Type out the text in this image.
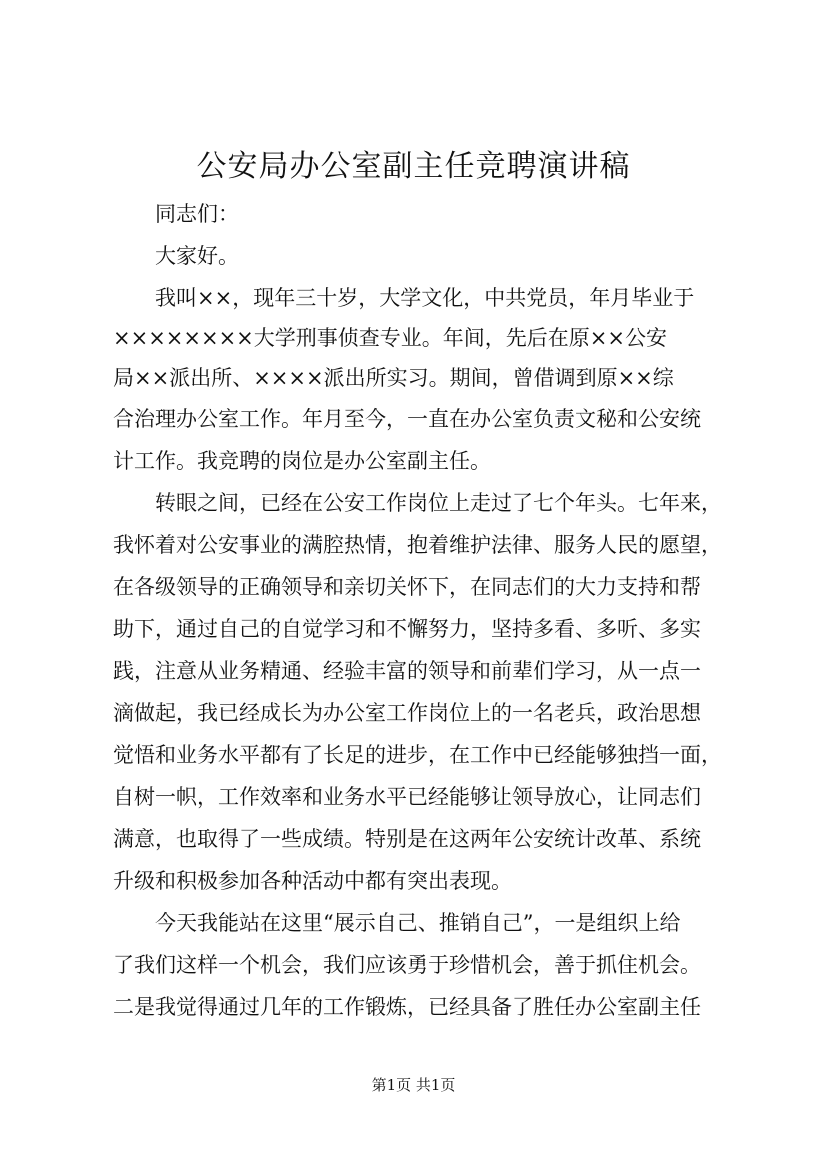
公安局办公室副主任竞聘演讲稿

同志们：

大家好。

我叫××，现年三十岁，大学文化，中共党员，年月毕业于

××××××××大学刑事侦查专业。年间，先后在原××公安

局××派出所、××××派出所实习。期间，曾借调到原××综

合治理办公室工作。年月至今，一直在办公室负责文秘和公安统

计工作。我竞聘的岗位是办公室副主任。

转眼之间，已经在公安工作岗位上走过了七个年头。七年来，

我怀着对公安事业的满腔热情，抱着维护法律、服务人民的愿望，

在各级领导的正确领导和亲切关怀下，在同志们的大力支持和帮

助下，通过自己的自觉学习和不懈努力，坚持多看、多听、多实

践，注意从业务精通、经验丰富的领导和前辈们学习，从一点一

滴做起，我已经成长为办公室工作岗位上的一名老兵，政治思想

觉悟和业务水平都有了长足的进步，在工作中已经能够独挡一面，

自树一帜，工作效率和业务水平已经能够让领导放心，让同志们

满意，也取得了一些成绩。特别是在这两年公安统计改革、系统

升级和积极参加各种活动中都有突出表现。

今天我能站在这里“展示自己、推销自己”，一是组织上给

了我们这样一个机会，我们应该勇于珍惜机会，善于抓住机会。

二是我觉得通过几年的工作锻炼，已经具备了胜任办公室副主任

第1页 共1页
